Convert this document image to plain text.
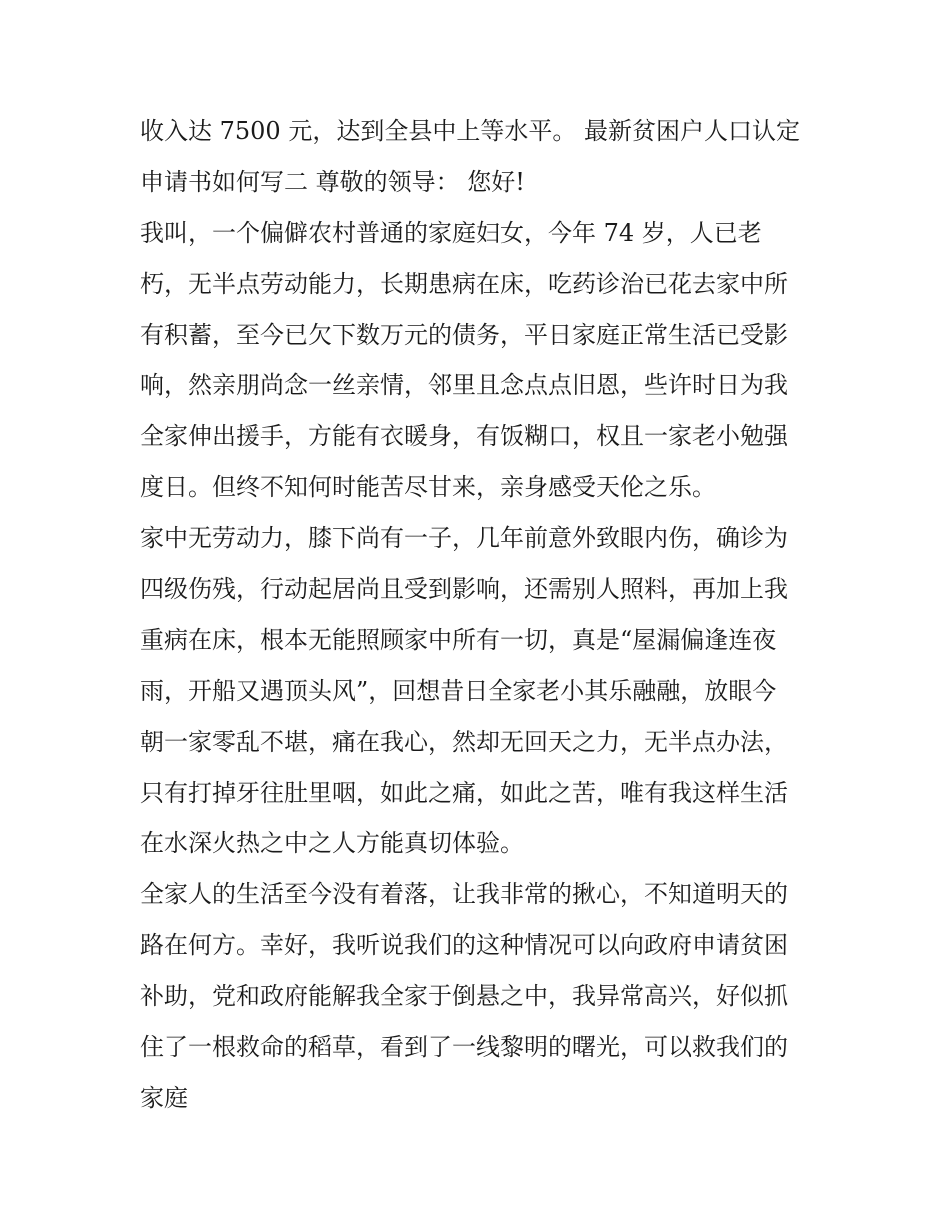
收入达 7500 元，达到全县中上等水平。 最新贫困户人口认定
申请书如何写二 尊敬的领导： 您好!
我叫，一个偏僻农村普通的家庭妇女，今年 74 岁，人已老
朽，无半点劳动能力，长期患病在床，吃药诊治已花去家中所
有积蓄，至今已欠下数万元的债务，平日家庭正常生活已受影
响，然亲朋尚念一丝亲情，邻里且念点点旧恩，些许时日为我
全家伸出援手，方能有衣暖身，有饭糊口，权且一家老小勉强
度日。但终不知何时能苦尽甘来，亲身感受天伦之乐。
家中无劳动力，膝下尚有一子，几年前意外致眼内伤，确诊为
四级伤残，行动起居尚且受到影响，还需别人照料，再加上我
重病在床，根本无能照顾家中所有一切，真是“屋漏偏逢连夜
雨，开船又遇顶头风”，回想昔日全家老小其乐融融，放眼今
朝一家零乱不堪，痛在我心，然却无回天之力，无半点办法，
只有打掉牙往肚里咽，如此之痛，如此之苦，唯有我这样生活
在水深火热之中之人方能真切体验。
全家人的生活至今没有着落，让我非常的揪心，不知道明天的
路在何方。幸好，我听说我们的这种情况可以向政府申请贫困
补助，党和政府能解我全家于倒悬之中，我异常高兴，好似抓
住了一根救命的稻草，看到了一线黎明的曙光，可以救我们的
家庭
